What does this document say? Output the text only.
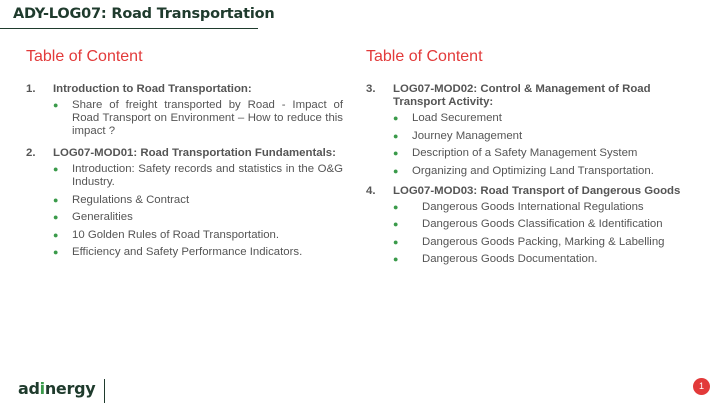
ADY-LOG07: Road Transportation
Table of Content
1. Introduction to Road Transportation:
● Share of freight transported by Road - Impact of Road Transport on Environment – How to reduce this impact ?
2. LOG07-MOD01: Road Transportation Fundamentals:
● Introduction: Safety records and statistics in the O&G Industry.
● Regulations & Contract
● Generalities
● 10 Golden Rules of Road Transportation.
● Efficiency and Safety Performance Indicators.
Table of Content
3. LOG07-MOD02: Control & Management of Road Transport Activity:
● Load Securement
● Journey Management
● Description of a Safety Management System
● Organizing and Optimizing Land Transportation.
4. LOG07-MOD03: Road Transport of Dangerous Goods
● Dangerous Goods International Regulations
● Dangerous Goods Classification & Identification
● Dangerous Goods Packing, Marking & Labelling
● Dangerous Goods Documentation.
adinergy	1
